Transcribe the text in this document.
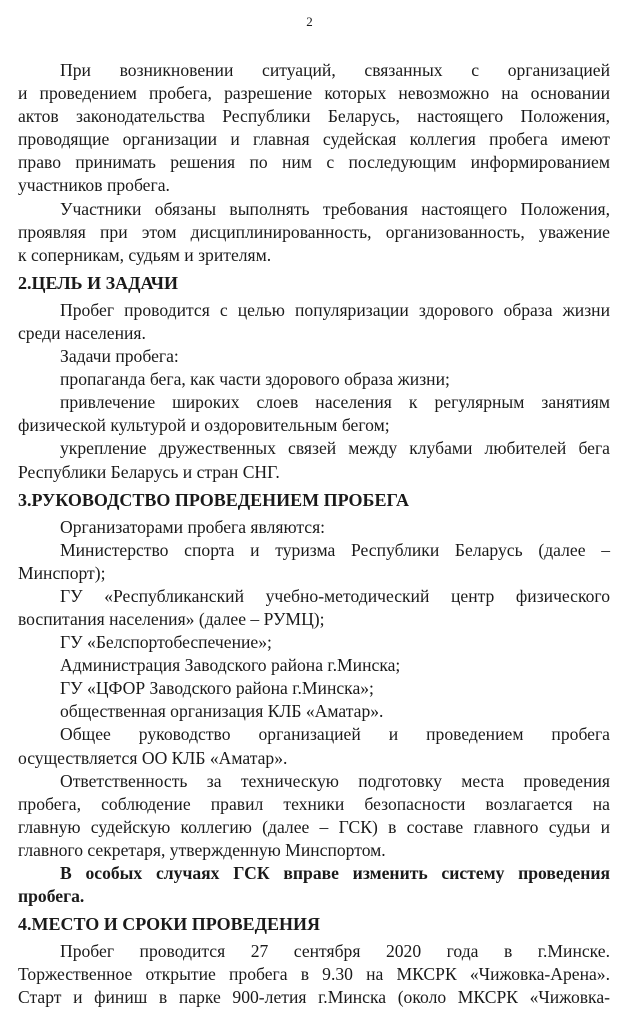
2
При возникновении ситуаций, связанных с организацией
и проведением пробега, разрешение которых невозможно на основании
актов законодательства Республики Беларусь, настоящего Положения,
проводящие организации и главная судейская коллегия пробега имеют
право принимать решения по ним с последующим информированием
участников пробега.
Участники обязаны выполнять требования настоящего Положения,
проявляя при этом дисциплинированность, организованность, уважение
к соперникам, судьям и зрителям.
2.ЦЕЛЬ И ЗАДАЧИ
Пробег проводится с целью популяризации здорового образа жизни
среди населения.
Задачи пробега:
пропаганда бега, как части здорового образа жизни;
привлечение широких слоев населения к регулярным занятиям
физической культурой и оздоровительным бегом;
укрепление дружественных связей между клубами любителей бега
Республики Беларусь и стран СНГ.
3.РУКОВОДСТВО ПРОВЕДЕНИЕМ ПРОБЕГА
Организаторами пробега являются:
Министерство спорта и туризма Республики Беларусь (далее –
Минспорт);
ГУ «Республиканский учебно-методический центр физического
воспитания населения» (далее – РУМЦ);
ГУ «Белспортобеспечение»;
Администрация Заводского района г.Минска;
ГУ «ЦФОР Заводского района г.Минска»;
общественная организация КЛБ «Аматар».
Общее руководство организацией и проведением пробега
осуществляется ОО КЛБ «Аматар».
Ответственность за техническую подготовку места проведения
пробега, соблюдение правил техники безопасности возлагается на
главную судейскую коллегию (далее – ГСК) в составе главного судьи и
главного секретаря, утвержденную Минспортом.
В особых случаях ГСК вправе изменить систему проведения
пробега.
4.МЕСТО И СРОКИ ПРОВЕДЕНИЯ
Пробег проводится 27 сентября 2020 года в г.Минске.
Торжественное открытие пробега в 9.30 на МКСРК «Чижовка-Арена».
Старт и финиш в парке 900-летия г.Минска (около МКСРК «Чижовка-
